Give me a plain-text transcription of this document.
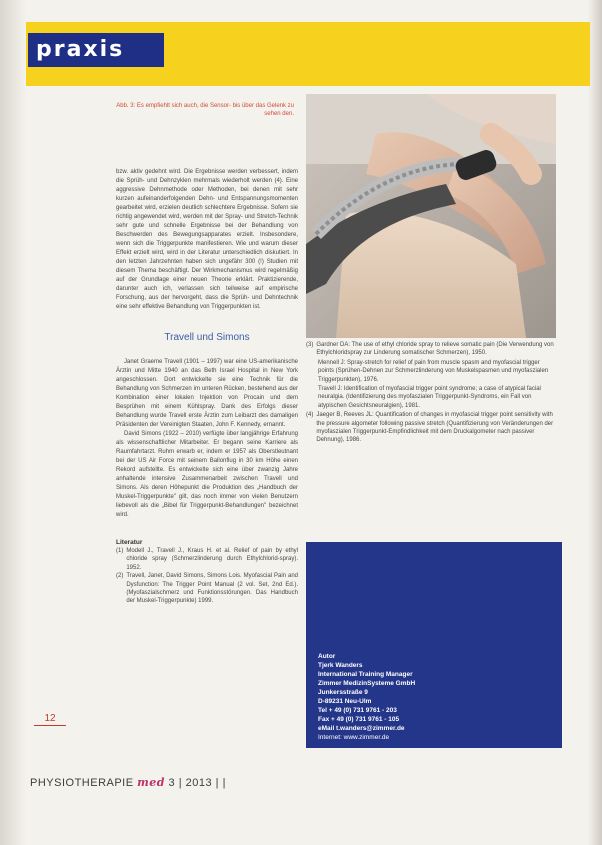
praxis
Abb. 3: Es empfiehlt sich auch, die Sensor- bis über das Gelenk zu sehen den.

bzw. aktiv gedehnt wird. Die Ergebnisse werden verbessert, indem die Sprüh- und Dehnzyklen mehrmals wiederholt werden (4). Eine aggressive Dehnmethode oder Methoden, bei denen mit sehr kurzen aufeinanderfolgenden Dehn- und Entspannungsmomenten gearbeitet wird, erzielen deutlich schlechtere Ergebnisse. Sofern sie richtig angewendet wird, werden mit der Spray- und Stretch-Technik sehr gute und schnelle Ergebnisse bei der Behandlung von Beschwerden des Bewegungsapparates erzielt. Insbesondere, wenn sich die Triggerpunkte manifestieren. Wie und warum dieser Effekt erzielt wird, wird in der Literatur unterschiedlich diskutiert. In den letzten Jahrzehnten haben sich ungefähr 300 (!) Studien mit diesem Thema beschäftigt. Der Wirkmechanismus wird regelmäßig auf der Grundlage einer neuen Theorie erklärt. Praktizierende, darunter auch ich, verlassen sich teilweise auf empirische Forschung, aus der hervorgeht, dass die Sprüh- und Dehntechnik eine sehr effektive Behandlung von Triggerpunkten ist.

Travell und Simons

Janet Graeme Travell (1901 – 1997) war eine US-amerikanische Ärztin und Mitte 1940 an das Beth Israel Hospital in New York angeschlossen. Dort entwickelte sie eine Technik für die Behandlung von Schmerzen im unteren Rücken, bestehend aus der Kombination einer lokalen Injektion von Procain und dem Besprühen mit einem Kühlspray. Dank des Erfolgs dieser Behandlung wurde Travell erste Ärztin zum Leibarzt des damaligen Präsidenten der Vereinigten Staaten, John F. Kennedy, ernannt.

David Simons (1922 – 2010) verfügte über langjährige Erfahrung als wissenschaftlicher Mitarbeiter. Er begann seine Karriere als Raumfahrtarzt. Ruhm erwarb er, indem er 1957 als Oberstleutnant bei der US Air Force mit seinem Ballonflug in 30 km Höhe einen Rekord aufstellte. Es entwickelte sich eine über zwanzig Jahre anhaltende intensive Zusammenarbeit zwischen Travell und Simons. Als deren Höhepunkt die Produktion des „Handbuch der Muskel-Triggerpunkte" gilt, das noch immer von vielen Benutzern liebevoll als die „Bibel für Triggerpunkt-Behandlungen" bezeichnet wird.

Literatur
(1) Modell J., Travell J., Kraus H. et al. Relief of pain by ethyl chloride spray (Schmerzlinderung durch Ethylchlorid-spray). 1952.
(2) Travell, Janet, David Simons, Simons Lois. Myofascial Pain and Dysfunction: The Trigger Point Manual (2 vol. Set, 2nd Ed.). (Myofaszialschmerz und Funktionsstörungen. Das Handbuch der Muskel-Triggerpunkte) 1999.
(3) Gardner DA: The use of ethyl chloride spray to relieve somatic pain (Die Verwendung von Ethylchloridspray zur Linderung somatischer Schmerzen), 1950.
Mennell J: Spray-stretch for relief of pain from muscle spasm and myofascial trigger points (Sprühen-Dehnen zur Schmerzlinderung von Muskelspasmen und myofaszialen Triggerpunkten), 1976.
Travell J: Identification of myofascial trigger point syndrome; a case of atypical facial neuralgia. (Identifizierung des myofaszialen Triggerpunkt-Syndroms, ein Fall von atypischen Gesichtsneuralgien), 1981.
(4) Jaeger B, Reeves JL: Quantification of changes in myofascial trigger point sensitivity with the pressure algometer following passive stretch (Quantifizierung von Veränderungen der myofaszialen Triggerpunkt-Empfindlichkeit mit dem Druckalgometer nach passiver Dehnung), 1986.
Autor
Tjerk Wanders
International Training Manager
Zimmer MedizinSysteme GmbH
Junkersstraße 9
D-89231 Neu-Ulm
Tel + 49 (0) 731 9761 - 203
Fax + 49 (0) 731 9761 - 105
eMail t.wanders@zimmer.de
Internet: www.zimmer.de
12
PHYSIOTHERAPIE med 3 | 2013 | |
